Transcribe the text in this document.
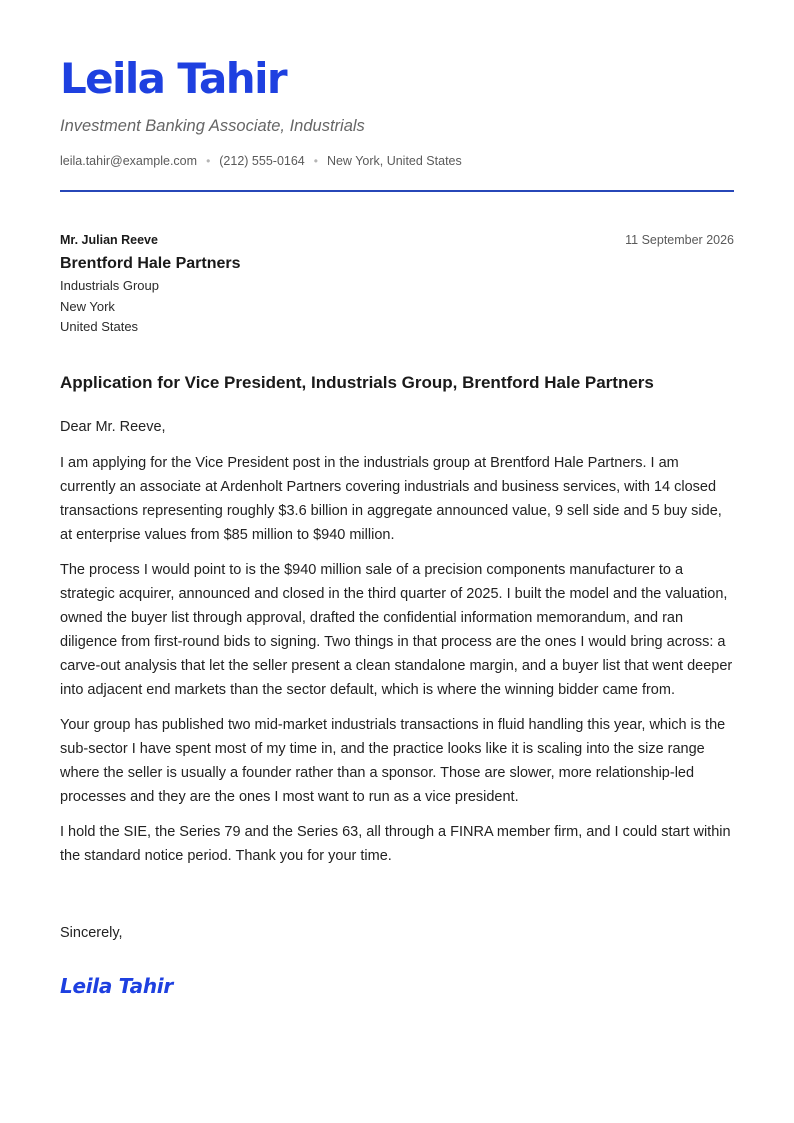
Leila Tahir

Investment Banking Associate, Industrials

leila.tahir@example.com • (212) 555-0164 • New York, United States
Mr. Julian Reeve
Brentford Hale Partners
Industrials Group
New York
United States
11 September 2026
Application for Vice President, Industrials Group, Brentford Hale Partners
Dear Mr. Reeve,

I am applying for the Vice President post in the industrials group at Brentford Hale Partners. I am currently an associate at Ardenholt Partners covering industrials and business services, with 14 closed transactions representing roughly $3.6 billion in aggregate announced value, 9 sell side and 5 buy side, at enterprise values from $85 million to $940 million.

The process I would point to is the $940 million sale of a precision components manufacturer to a strategic acquirer, announced and closed in the third quarter of 2025. I built the model and the valuation, owned the buyer list through approval, drafted the confidential information memorandum, and ran diligence from first-round bids to signing. Two things in that process are the ones I would bring across: a carve-out analysis that let the seller present a clean standalone margin, and a buyer list that went deeper into adjacent end markets than the sector default, which is where the winning bidder came from.

Your group has published two mid-market industrials transactions in fluid handling this year, which is the sub-sector I have spent most of my time in, and the practice looks like it is scaling into the size range where the seller is usually a founder rather than a sponsor. Those are slower, more relationship-led processes and they are the ones I most want to run as a vice president.

I hold the SIE, the Series 79 and the Series 63, all through a FINRA member firm, and I could start within the standard notice period. Thank you for your time.

Sincerely,
Leila Tahir
